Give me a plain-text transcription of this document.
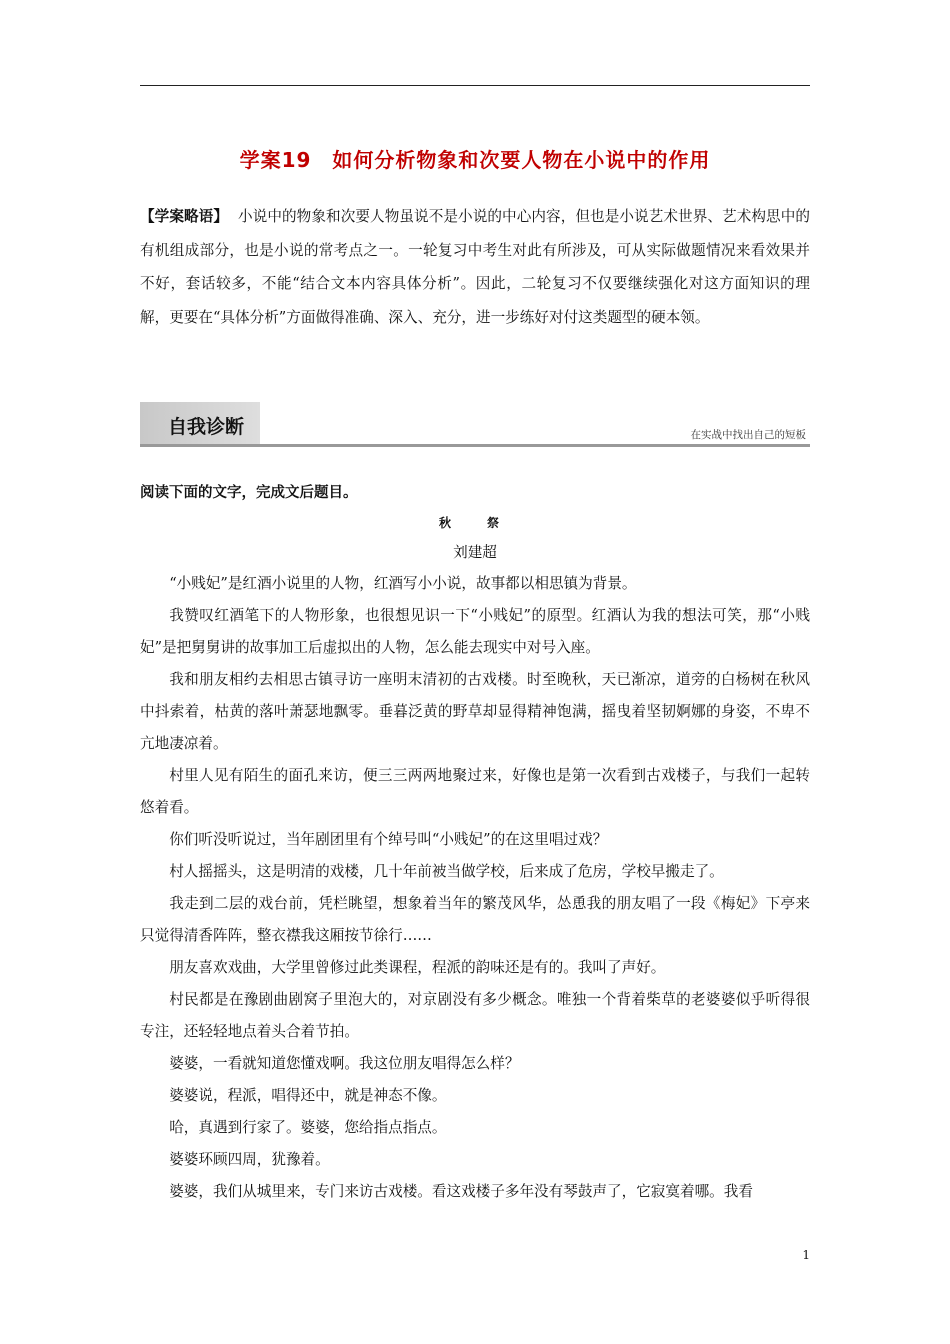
学案19　如何分析物象和次要人物在小说中的作用
【学案略语】 小说中的物象和次要人物虽说不是小说的中心内容，但也是小说艺术世界、艺术构思中的有机组成部分，也是小说的常考点之一。一轮复习中考生对此有所涉及，可从实际做题情况来看效果并不好，套话较多，不能“结合文本内容具体分析”。因此，二轮复习不仅要继续强化对这方面知识的理解，更要在“具体分析”方面做得准确、深入、充分，进一步练好对付这类题型的硬本领。
自我诊断	在实战中找出自己的短板
阅读下面的文字，完成文后题目。
秋　祭
刘建超

“小贱妃”是红酒小说里的人物，红酒写小小说，故事都以相思镇为背景。

我赞叹红酒笔下的人物形象，也很想见识一下“小贱妃”的原型。红酒认为我的想法可笑，那“小贱妃”是把舅舅讲的故事加工后虚拟出的人物，怎么能去现实中对号入座。

我和朋友相约去相思古镇寻访一座明末清初的古戏楼。时至晚秋，天已渐凉，道旁的白杨树在秋风中抖索着，枯黄的落叶萧瑟地飘零。垂暮泛黄的野草却显得精神饱满，摇曳着坚韧婀娜的身姿，不卑不亢地凄凉着。

村里人见有陌生的面孔来访，便三三两两地聚过来，好像也是第一次看到古戏楼子，与我们一起转悠着看。

你们听没听说过，当年剧团里有个绰号叫“小贱妃”的在这里唱过戏？

村人摇摇头，这是明清的戏楼，几十年前被当做学校，后来成了危房，学校早搬走了。

我走到二层的戏台前，凭栏眺望，想象着当年的繁茂风华，怂恿我的朋友唱了一段《梅妃》下亭来只觉得清香阵阵，整衣襟我这厢按节徐行……

朋友喜欢戏曲，大学里曾修过此类课程，程派的韵味还是有的。我叫了声好。

村民都是在豫剧曲剧窝子里泡大的，对京剧没有多少概念。唯独一个背着柴草的老婆婆似乎听得很专注，还轻轻地点着头合着节拍。

婆婆，一看就知道您懂戏啊。我这位朋友唱得怎么样？

婆婆说，程派，唱得还中，就是神态不像。

哈，真遇到行家了。婆婆，您给指点指点。

婆婆环顾四周，犹豫着。

婆婆，我们从城里来，专门来访古戏楼。看这戏楼子多年没有琴鼓声了，它寂寞着哪。我看

1
